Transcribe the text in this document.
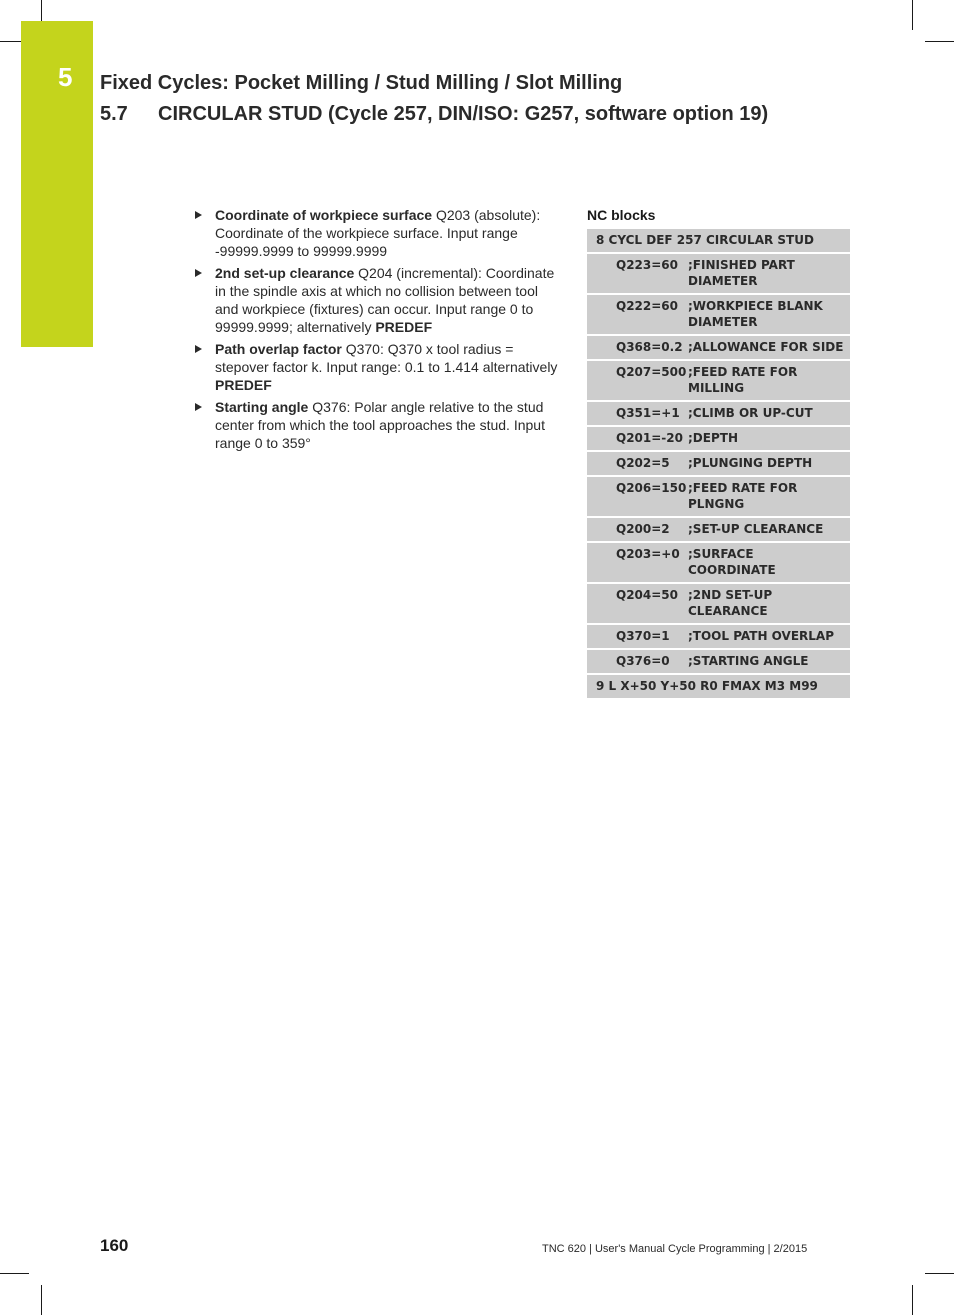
5 Fixed Cycles: Pocket Milling / Stud Milling / Slot Milling
5.7 CIRCULAR STUD (Cycle 257, DIN/ISO: G257, software option 19)
Coordinate of workpiece surface Q203 (absolute): Coordinate of the workpiece surface. Input range -99999.9999 to 99999.9999
2nd set-up clearance Q204 (incremental): Coordinate in the spindle axis at which no collision between tool and workpiece (fixtures) can occur. Input range 0 to 99999.9999; alternatively PREDEF
Path overlap factor Q370: Q370 x tool radius = stepover factor k. Input range: 0.1 to 1.414 alternatively PREDEF
Starting angle Q376: Polar angle relative to the stud center from which the tool approaches the stud. Input range 0 to 359°
NC blocks
8 CYCL DEF 257 CIRCULAR STUD	
Q223=60	;FINISHED PART DIAMETER
Q222=60	;WORKPIECE BLANK DIAMETER
Q368=0.2	;ALLOWANCE FOR SIDE
Q207=500	;FEED RATE FOR MILLING
Q351=+1	;CLIMB OR UP-CUT
Q201=-20	;DEPTH
Q202=5	;PLUNGING DEPTH
Q206=150	;FEED RATE FOR PLNGNG
Q200=2	;SET-UP CLEARANCE
Q203=+0	;SURFACE COORDINATE
Q204=50	;2ND SET-UP CLEARANCE
Q370=1	;TOOL PATH OVERLAP
Q376=0	;STARTING ANGLE
9 L X+50 Y+50 R0 FMAX M3 M99	
160	TNC 620 | User's Manual Cycle Programming | 2/2015
